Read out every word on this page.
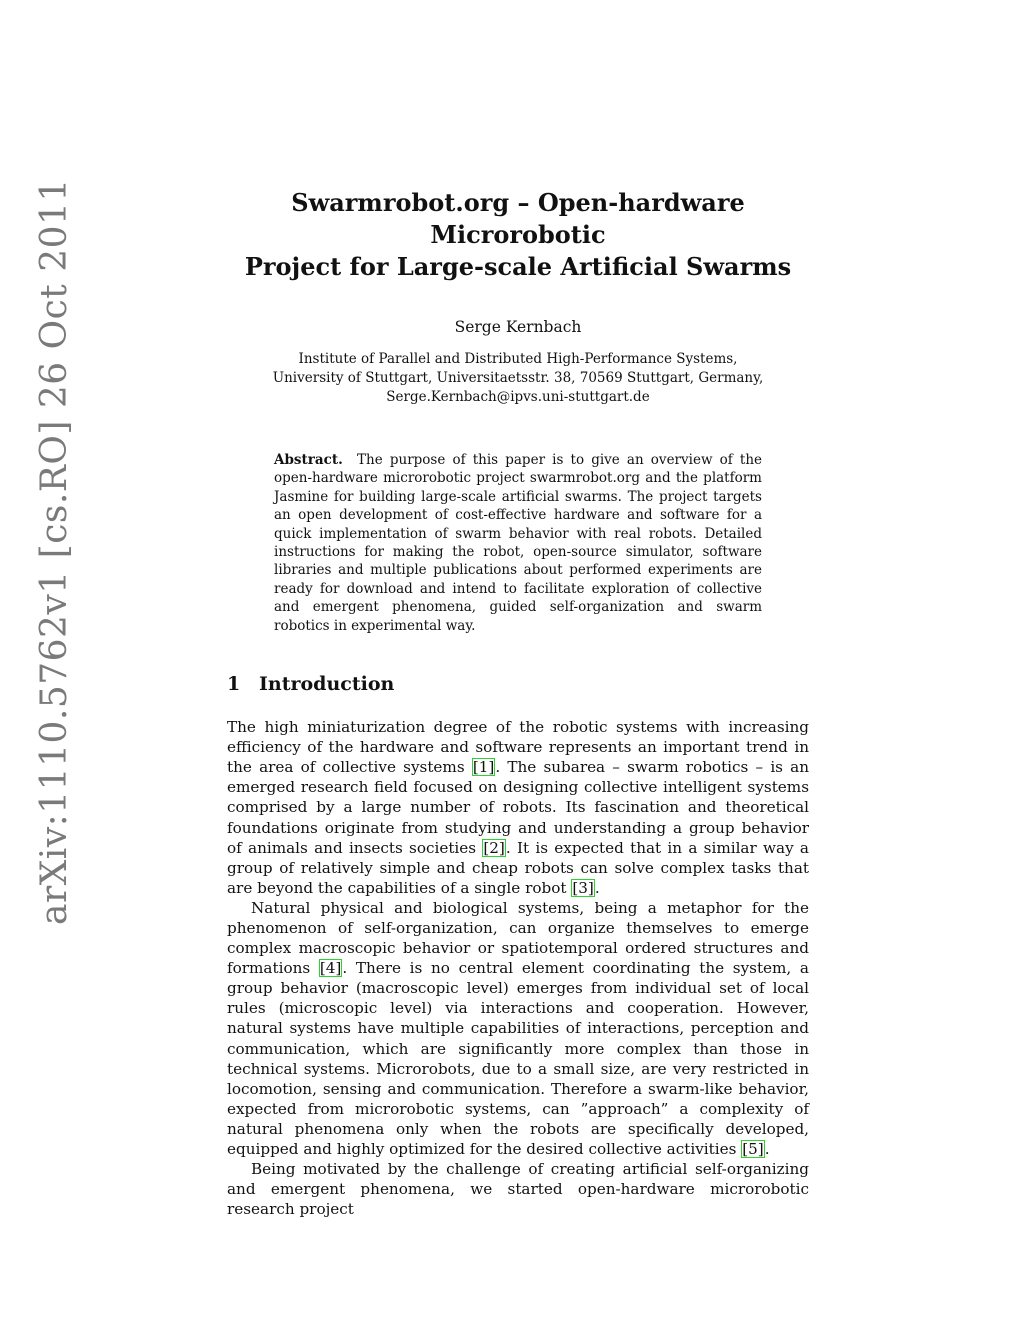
arXiv:1110.5762v1 [cs.RO] 26 Oct 2011	Swarmrobot.org – Open-hardware Microrobotic
Project for Large-scale Artificial Swarms
Serge Kernbach
Institute of Parallel and Distributed High-Performance Systems,
University of Stuttgart, Universitaetsstr. 38, 70569 Stuttgart, Germany,
Serge.Kernbach@ipvs.uni-stuttgart.de
Abstract. The purpose of this paper is to give an overview of the open-hardware microrobotic project swarmrobot.org and the platform Jasmine for building large-scale artificial swarms. The project targets an open development of cost-effective hardware and software for a quick implementation of swarm behavior with real robots. Detailed instructions for making the robot, open-source simulator, software libraries and multiple publications about performed experiments are ready for download and intend to facilitate exploration of collective and emergent phenomena, guided self-organization and swarm robotics in experimental way.
1 Introduction

The high miniaturization degree of the robotic systems with increasing efficiency of the hardware and software represents an important trend in the area of collective systems [1]. The subarea – swarm robotics – is an emerged research field focused on designing collective intelligent systems comprised by a large number of robots. Its fascination and theoretical foundations originate from studying and understanding a group behavior of animals and insects societies [2]. It is expected that in a similar way a group of relatively simple and cheap robots can solve complex tasks that are beyond the capabilities of a single robot [3].

Natural physical and biological systems, being a metaphor for the phenomenon of self-organization, can organize themselves to emerge complex macroscopic behavior or spatiotemporal ordered structures and formations [4]. There is no central element coordinating the system, a group behavior (macroscopic level) emerges from individual set of local rules (microscopic level) via interactions and cooperation. However, natural systems have multiple capabilities of interactions, perception and communication, which are significantly more complex than those in technical systems. Microrobots, due to a small size, are very restricted in locomotion, sensing and communication. Therefore a swarm-like behavior, expected from microrobotic systems, can ”approach” a complexity of natural phenomena only when the robots are specifically developed, equipped and highly optimized for the desired collective activities [5].

Being motivated by the challenge of creating artificial self-organizing and emergent phenomena, we started open-hardware microrobotic research project
